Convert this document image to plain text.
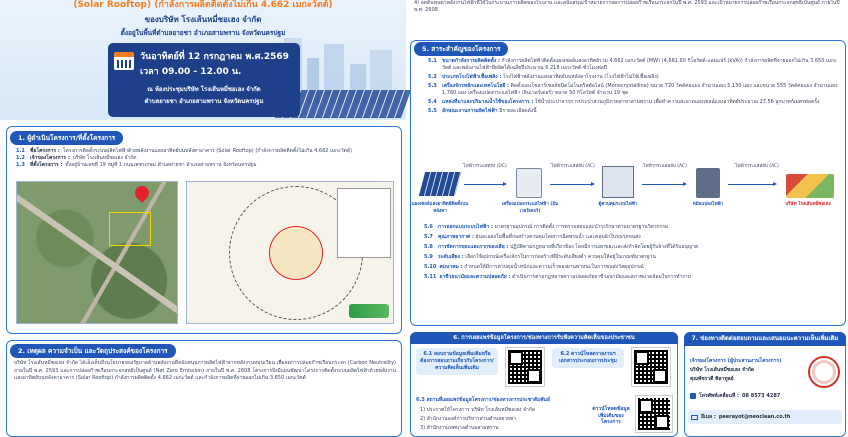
(Solar Rooftop) (กำลังการผลิตติดตั้งไม่เกิน 4.662 เมกะวัตต์)
ของบริษัท โรงเส้นหมี่ซอเฮง จำกัด
ตั้งอยู่ในพื้นที่ตำบลยายชา อำเภอสามพราน จังหวัดนครปฐม
วันอาทิตย์ที่ 12 กรกฎาคม พ.ศ.2569
เวลา 09.00 - 12.00 น.
ณ ห้องประชุมบริษัท โรงเส้นหมี่ซอเฮง จำกัด
ตำบลยายชา อำเภอสามพราน จังหวัดนครปฐม
1. ผู้ดำเนินโครงการ/ที่ตั้งโครงการ
1.1	ชื่อโครงการ : โครงการติดตั้งระบบผลิตไฟฟ้าด้วยพลังงานแสงอาทิตย์บนหลังคาอาคาร (Solar Rooftop) (กำลังการผลิตติดตั้งไม่เกิน 4.662 เมกะวัตต์)
1.2	เจ้าของโครงการ : บริษัท โรงเส้นหมี่ซอเฮง จำกัด
1.3	ที่ตั้งโครงการ : ตั้งอยู่บ้านเลขที่ 19 หมู่ที่ 1 ถนนเพชรเกษม ตำบลยายชา อำเภอสามพราน จังหวัดนครปฐม
2. เหตุผล ความจำเป็น และวัตถุประสงค์ของโครงการ
บริษัท โรงเส้นหมี่ซอเฮง จำกัด ได้เล็งเห็นถึงนโยบายของรัฐบาลด้านพลังงานที่สนับสนุนการผลิตไฟฟ้าจากพลังงานหมุนเวียน เพื่อลดการปล่อยก๊าซเรือนกระจก (Carbon Neutrality) ภายในปี พ.ศ. 2593 และการปล่อยก๊าซเรือนกระจกสุทธิเป็นศูนย์ (Net Zero Emission) ภายในปี พ.ศ. 2608 โครงการจึงมีแผนพัฒนาโครงการติดตั้งระบบผลิตไฟฟ้าด้วยพลังงานแสงอาทิตย์บนหลังคาอาคาร (Solar Rooftop) กำลังการผลิตติดตั้ง 4.662 เมกะวัตต์ และกำลังการผลิตที่จ่ายออกไม่เกิน 3.650 เมกะวัตต์
4) ลดต้นทุนค่าพลังงานไฟฟ้าที่ใช้ในกระบวนการผลิตของโรงงาน และสนับสนุนเป้าหมายการลดการปล่อยก๊าซเรือนกระจกในปี พ.ศ. 2593 และเป้าหมายการปล่อยก๊าซเรือนกระจกสุทธิเป็นศูนย์ ภายในปี พ.ศ. 2608
5. สาระสำคัญของโครงการ
5.1	ขนาดกำลังการผลิตติดตั้ง : กำลังการผลิตไฟฟ้าติดตั้งแผงเซลล์แสงอาทิตย์รวม 4.662 เมกะวัตต์ (MW) (4,661.60 กิโลวัตต์-แอมแปร์ (kVA)) กำลังการผลิตที่จ่ายออกไม่เกิน 3.650 เมกะวัตต์ และพลังงานไฟฟ้าที่ผลิตได้เฉลี่ยปีประมาณ 6.218 เมกะวัตต์-ชั่วโมงต่อปี
5.2	ประเภทโรงไฟฟ้าเชื้อเพลิง : โรงไฟฟ้าพลังงานแสงอาทิตย์บนหลังคาโรงงาน (โรงไฟฟ้าไม่ใช้เชื้อเพลิง)
5.3	เครื่องจักรหลักและเทคโนโลยี : ติดตั้งแผงโซลาร์เซลล์ชนิดโมโนคริสตัลไลน์ (Monocrystalline) ขนาด 720 วัตต์ต่อแผง จำนวนแผง 5,130 แผง และขนาด 555 วัตต์ต่อแผง จำนวนแผง 1,760 แผง เครื่องแปลงกระแสไฟฟ้า (อินเวอร์เตอร์) ขนาด 50 กิโลวัตต์ จำนวน 19 ชุด
5.4	แหล่งที่มาและปริมาณน้ำใช้ของโครงการ : ใช้น้ำประปาจากการประปาส่วนภูมิภาคสาขาสามพราน เพื่อทำความสะอาดแผงเซลล์แสงอาทิตย์ประมาณ 27.56 ลูกบาศก์เมตรต่อครั้ง
5.5	ลักษณะงานการผลิตไฟฟ้า มีรายละเอียดดังนี้
แผงเซลล์แสงอาทิตย์ติดตั้งบนหลังคา
ไฟฟ้ากระแสตรง (DC)
เครื่องแปลงกระแสไฟฟ้า (อินเวอร์เตอร์)
ไฟฟ้ากระแสสลับ (AC)
ตู้ควบคุมระบบไฟฟ้า
ไฟฟ้ากระแสสลับ (AC)
หม้อแปลงไฟฟ้า
ไฟฟ้ากระแสสลับ (AC)
บริษัท โรงเส้นหมี่ซอเฮง
5.6	การออกแบบระบบไฟฟ้า : มาตรฐานอุปกรณ์ การติดตั้ง การตรวจสอบและบำรุงรักษาตามมาตรฐานวิศวกรรม
5.7	คุณภาพอากาศ : ฝุ่นละอองในพื้นที่ก่อสร้างควบคุมโดยการฉีดพรมน้ำ และคลุมผ้าใบบนรถขนส่ง
5.8	การจัดการขยะและกากของเสีย : ปฏิบัติตามกฎหมายที่เกี่ยวข้อง โดยมีการแยกขยะและส่งกำจัดโดยผู้รับจ้างที่ได้รับอนุญาต
5.9	ระดับเสียง : เลือกใช้อุปกรณ์เครื่องจักรในการก่อสร้างที่มีระดับเสียงต่ำ ควบคุมให้อยู่ในเกณฑ์มาตรฐาน
5.10 คมนาคม : กำหนดให้มีการควบคุมน้ำหนักและความเร็วของยานพาหนะในการขนส่งวัสดุอุปกรณ์
5.11 อาชีวอนามัยและความปลอดภัย : ดำเนินการตามกฎหมายความปลอดภัยอาชีวอนามัยและสภาพแวดล้อมในการทำงาน
6. การเผยแพร่ข้อมูลโครงการ/ช่องทางการรับฟังความคิดเห็นของประชาชน
6.1 สอบถามข้อมูลเพิ่มเติมหรือต้องการสอบถามเกี่ยวกับโครงการ/ความคิดเห็นเพิ่มเติม
6.2 ดาวน์โหลดรายงานฯ เอกสารประกอบการประชุม
6.3 สถานที่เผยแพร่ข้อมูลโครงการ/ช่องทางการประชาสัมพันธ์
1) ประกาศให้โครงการ บริษัท โรงเส้นหมี่ซอเฮง จำกัด
2) สำนักงานองค์การบริหารส่วนตำบลยายชา
3) สำนักงานเทศบาลตำบลสามพราน
ดาวน์โหลดข้อมูลเพิ่มเติมของโครงการ
7. ช่องทางติดต่อสอบถามและเสนอแนะความเห็นเพิ่มเติม
เจ้าของโครงการ (ผู้ประสานงานโครงการ)
บริษัท โรงเส้นหมี่ซอเฮง จำกัด
คุณพัชรวดี พิลาทูลย์
โทรศัพท์เคลื่อนที่ : 08 8573 4287
อีเมล : peerayot@neoclean.co.th
